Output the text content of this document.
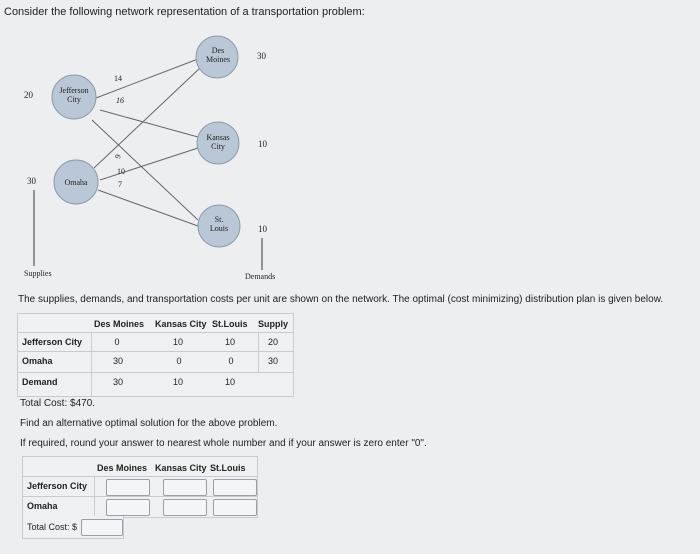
Consider the following network representation of a transportation problem:
Jefferson
City
Omaha
Des
Moines
Kansas
City
St.
Louis
20
30
30
10
10
14
16
9
10
7
Supplies	Demands
The supplies, demands, and transportation costs per unit are shown on the network. The optimal (cost minimizing) distribution plan is given below.
Des Moines Kansas City St.Louis Supply
Jefferson City	0	10	10	20
Omaha	30	0	0	30
Demand	30	10	10
Total Cost: $470.
Find an alternative optimal solution for the above problem.
If required, round your answer to nearest whole number and if your answer is zero enter "0".
Des Moines Kansas City St.Louis
Jefferson City
Omaha
Total Cost: $
